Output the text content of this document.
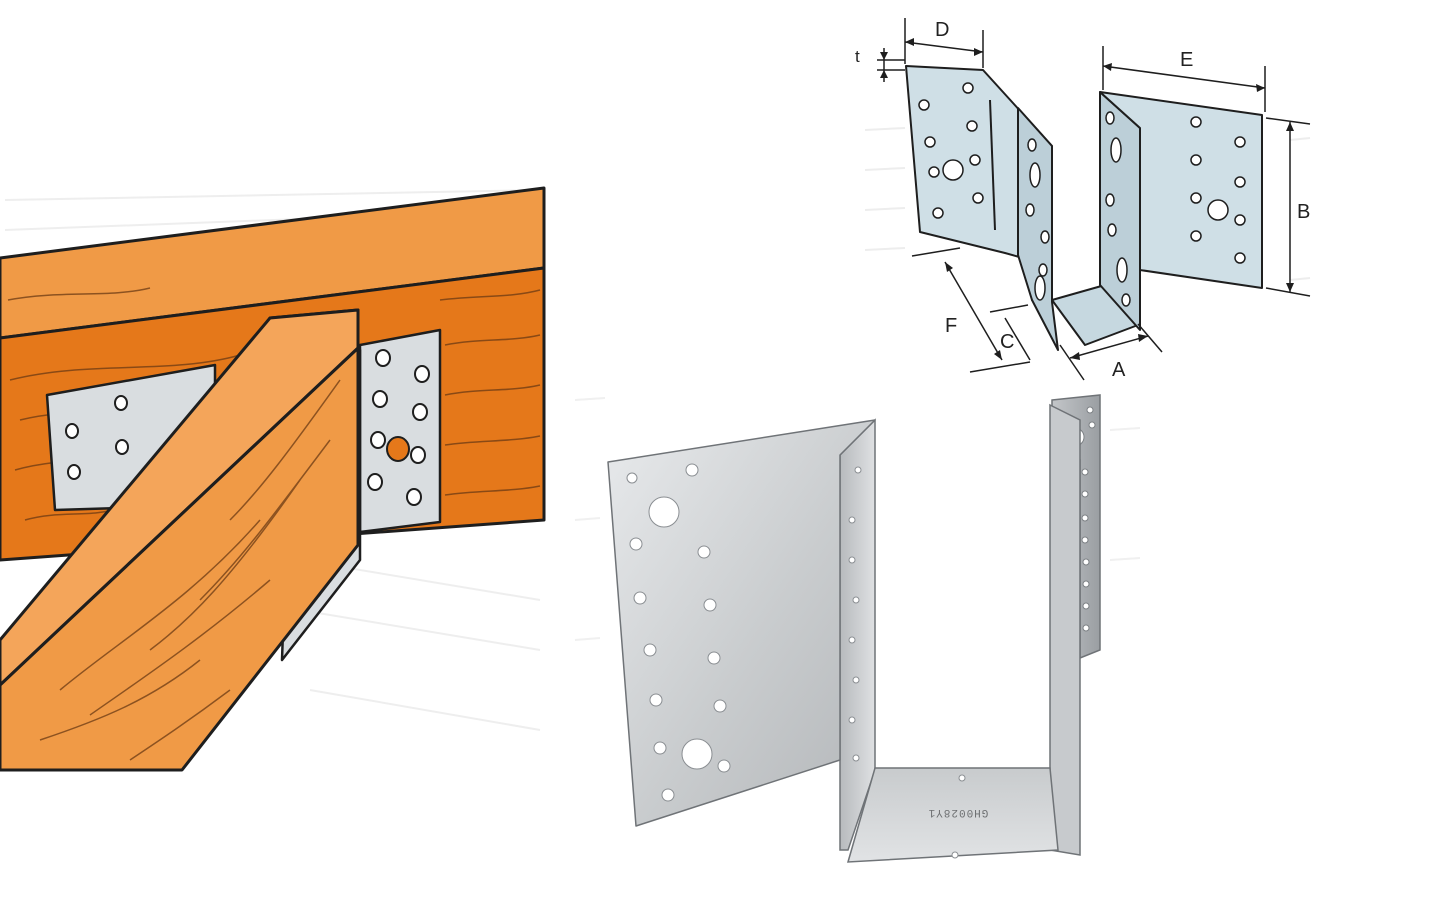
D
t	E
B
F
C
A
GH0028Y1
